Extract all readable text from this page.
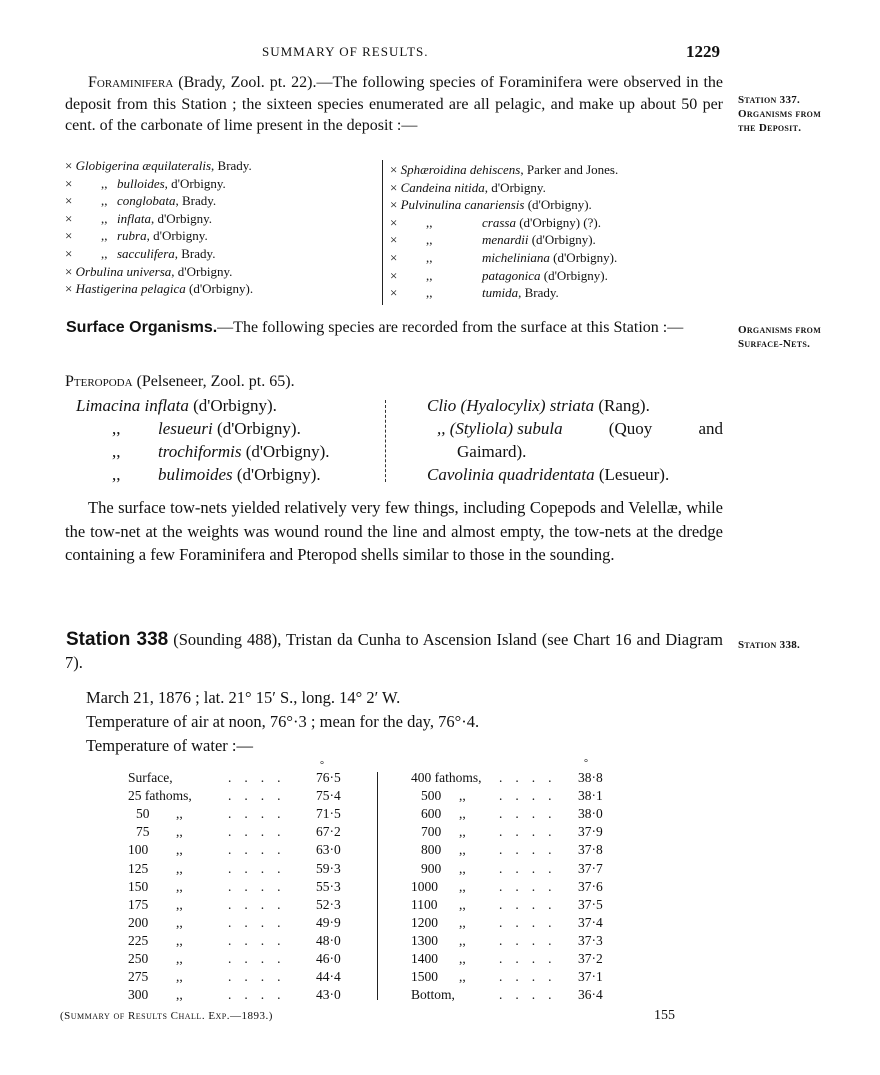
SUMMARY OF RESULTS.	1229
Foraminifera (Brady, Zool. pt. 22).—The following species of Foraminifera were observed in the deposit from this Station ; the sixteen species enumerated are all pelagic, and make up about 50 per cent. of the carbonate of lime present in the deposit :—
Station 337.
Organisms from
the Deposit.
× Globigerina æquilateralis, Brady.
× ,, bulloides, d'Orbigny.
× ,, conglobata, Brady.
× ,, inflata, d'Orbigny.
× ,, rubra, d'Orbigny.
× ,, sacculifera, Brady.
× Orbulina universa, d'Orbigny.
× Hastigerina pelagica (d'Orbigny).
× Sphæroidina dehiscens, Parker and Jones.
× Candeina nitida, d'Orbigny.
× Pulvinulina canariensis (d'Orbigny).
× ,,	crassa (d'Orbigny) (?).
× ,,	menardii (d'Orbigny).
× ,,	micheliniana (d'Orbigny).
× ,,	patagonica (d'Orbigny).
× ,,	tumida, Brady.
Surface Organisms.—The following species are recorded from the surface at this Station :—	Organisms from
Surface-Nets.
Pteropoda (Pelseneer, Zool. pt. 65).
Limacina inflata (d'Orbigny).
,, lesueuri (d'Orbigny).
,, trochiformis (d'Orbigny).
,, bulimoides (d'Orbigny).
Clio (Hyalocylix) striata (Rang).
,, (Styliola) subula	(Quoy	and
Gaimard).
Cavolinia quadridentata (Lesueur).
The surface tow-nets yielded relatively very few things, including Copepods and Velellæ, while the tow-net at the weights was wound round the line and almost empty, the tow-nets at the dredge containing a few Foraminifera and Pteropod shells similar to those in the sounding.
Station 338 (Sounding 488), Tristan da Cunha to Ascension Island (see Chart 16 and Diagram 7).
Station 338.
March 21, 1876 ; lat. 21° 15′ S., long. 14° 2′ W.
Temperature of air at noon, 76°·3 ; mean for the day, 76°·4.
Temperature of water :—
°	°
Surface,	.... 76·5
25 fathoms,	.... 75·4
50 ,,	.... 71·5
75 ,,	.... 67·2
100 ,,	.... 63·0
125 ,,	.... 59·3
150 ,,	.... 55·3
175 ,,	.... 52·3
200 ,,	.... 49·9
225 ,,	.... 48·0
250 ,,	.... 46·0
275 ,,	.... 44·4
300 ,,	.... 43·0
400 fathoms, .... 38·8
500 ,, .... 38·1
600 ,, .... 38·0
700 ,, .... 37·9
800 ,, .... 37·8
900 ,, .... 37·7
1000 ,, .... 37·6
1100 ,, .... 37·5
1200 ,, .... 37·4
1300 ,, .... 37·3
1400 ,, .... 37·2
1500 ,, .... 37·1
Bottom,	.... 36·4
(Summary of Results Chall. Exp.—1893.)	155
